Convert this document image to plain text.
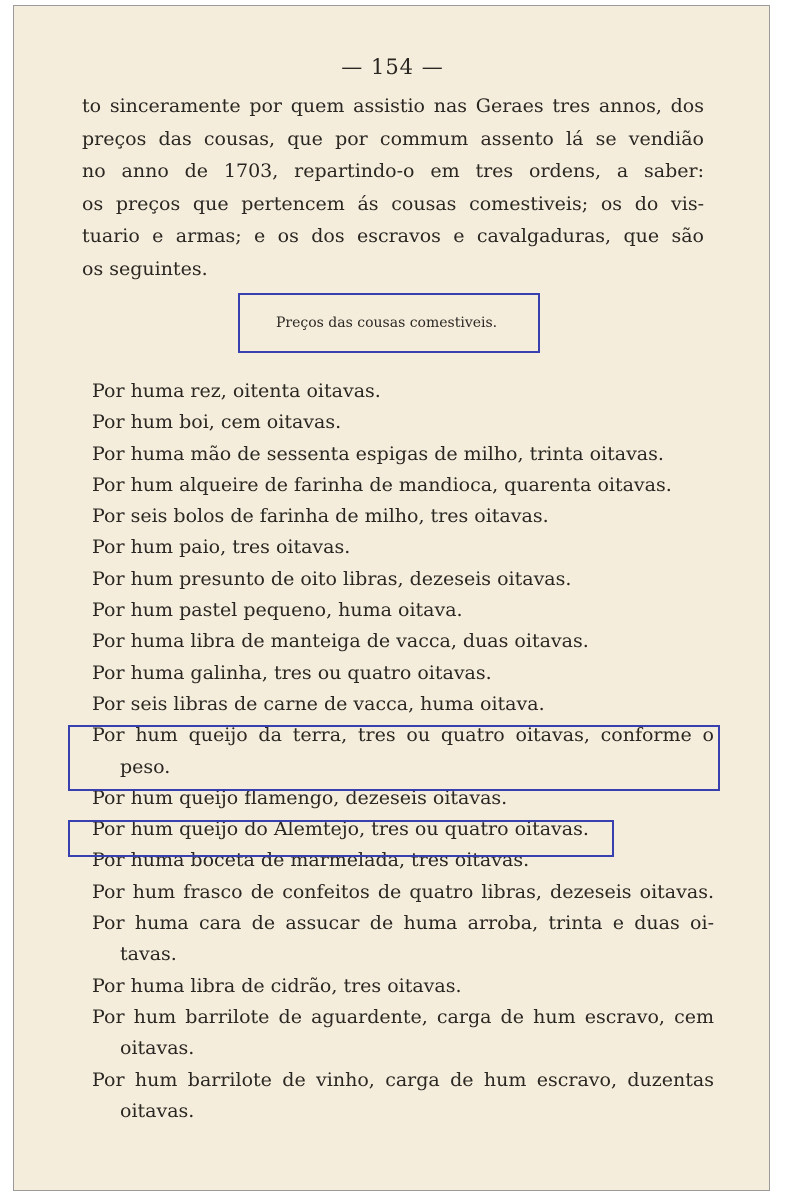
— 154 —
to sinceramente por quem assistio nas Geraes tres annos, dos
preços das cousas, que por commum assento lá se vendião
no anno de 1703, repartindo-o em tres ordens, a saber:
os preços que pertencem ás cousas comestiveis; os do vis-
tuario e armas; e os dos escravos e cavalgaduras, que são
os seguintes.
Preços das cousas comestiveis.
Por huma rez, oitenta oitavas.
Por hum boi, cem oitavas.
Por huma mão de sessenta espigas de milho, trinta oitavas.
Por hum alqueire de farinha de mandioca, quarenta oitavas.
Por seis bolos de farinha de milho, tres oitavas.
Por hum paio, tres oitavas.
Por hum presunto de oito libras, dezeseis oitavas.
Por hum pastel pequeno, huma oitava.
Por huma libra de manteiga de vacca, duas oitavas.
Por huma galinha, tres ou quatro oitavas.
Por seis libras de carne de vacca, huma oitava.
Por hum queijo da terra, tres ou quatro oitavas, conforme o
peso.
Por hum queijo flamengo, dezeseis oitavas.
Por hum queijo do Alemtejo, tres ou quatro oitavas.
Por huma boceta de marmelada, tres oitavas.
Por hum frasco de confeitos de quatro libras, dezeseis oitavas.
Por huma cara de assucar de huma arroba, trinta e duas oi-
tavas.
Por huma libra de cidrão, tres oitavas.
Por hum barrilote de aguardente, carga de hum escravo, cem
oitavas.
Por hum barrilote de vinho, carga de hum escravo, duzentas
oitavas.
